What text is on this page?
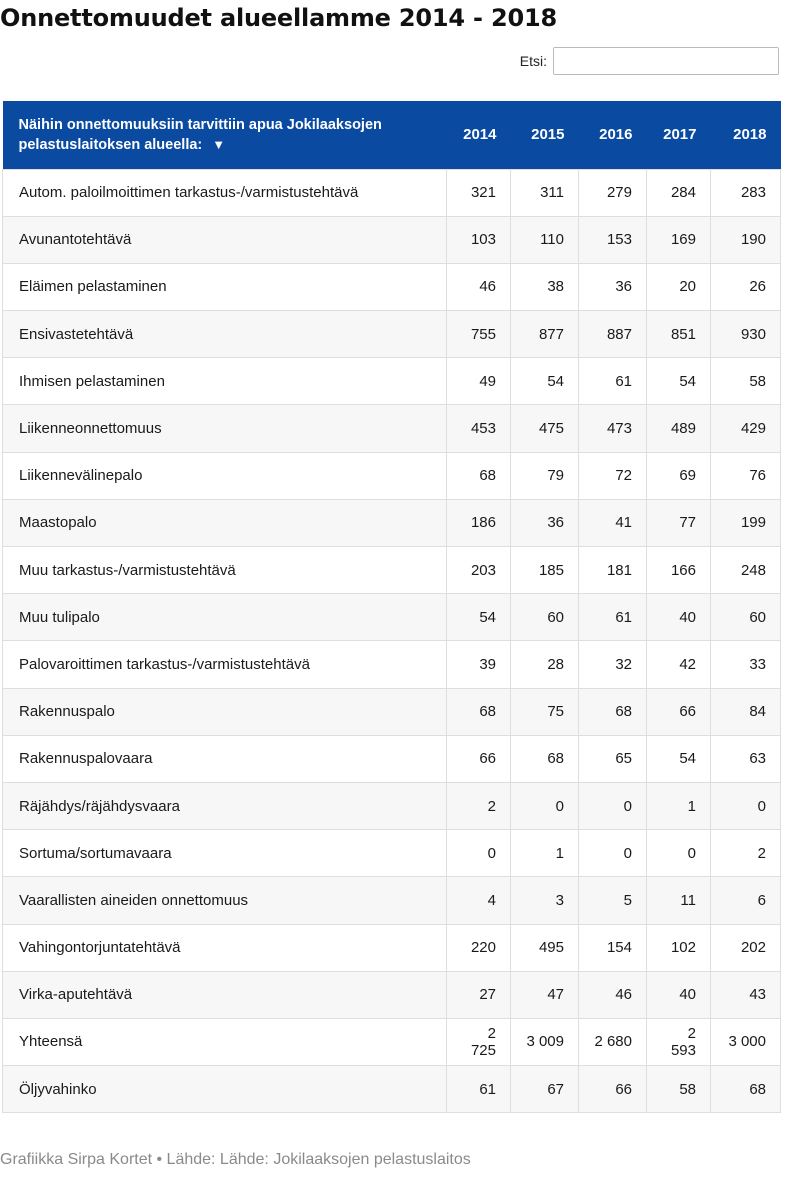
Onnettomuudet alueellamme 2014 - 2018
Etsi:
Näihin onnettomuuksiin tarvittiin apua Jokilaaksojen pelastuslaitoksen alueella: ▼	2014	2015	2016	2017	2018
Autom. paloilmoittimen tarkastus-/varmistustehtävä	321	311	279	284	283
Avunantotehtävä	103	110	153	169	190
Eläimen pelastaminen	46	38	36	20	26
Ensivastetehtävä	755	877	887	851	930
Ihmisen pelastaminen	49	54	61	54	58
Liikenneonnettomuus	453	475	473	489	429
Liikennevälinepalo	68	79	72	69	76
Maastopalo	186	36	41	77	199
Muu tarkastus-/varmistustehtävä	203	185	181	166	248
Muu tulipalo	54	60	61	40	60
Palovaroittimen tarkastus-/varmistustehtävä	39	28	32	42	33
Rakennuspalo	68	75	68	66	84
Rakennuspalovaara	66	68	65	54	63
Räjähdys/räjähdysvaara	2	0	0	1	0
Sortuma/sortumavaara	0	1	0	0	2
Vaarallisten aineiden onnettomuus	4	3	5	11	6
Vahingontorjuntatehtävä	220	495	154	102	202
Virka-aputehtävä	27	47	46	40	43
Yhteensä	2 725	3 009	2 680	2 593	3 000
Öljyvahinko	61	67	66	58	68
Grafiikka Sirpa Kortet • Lähde: Lähde: Jokilaaksojen pelastuslaitos
